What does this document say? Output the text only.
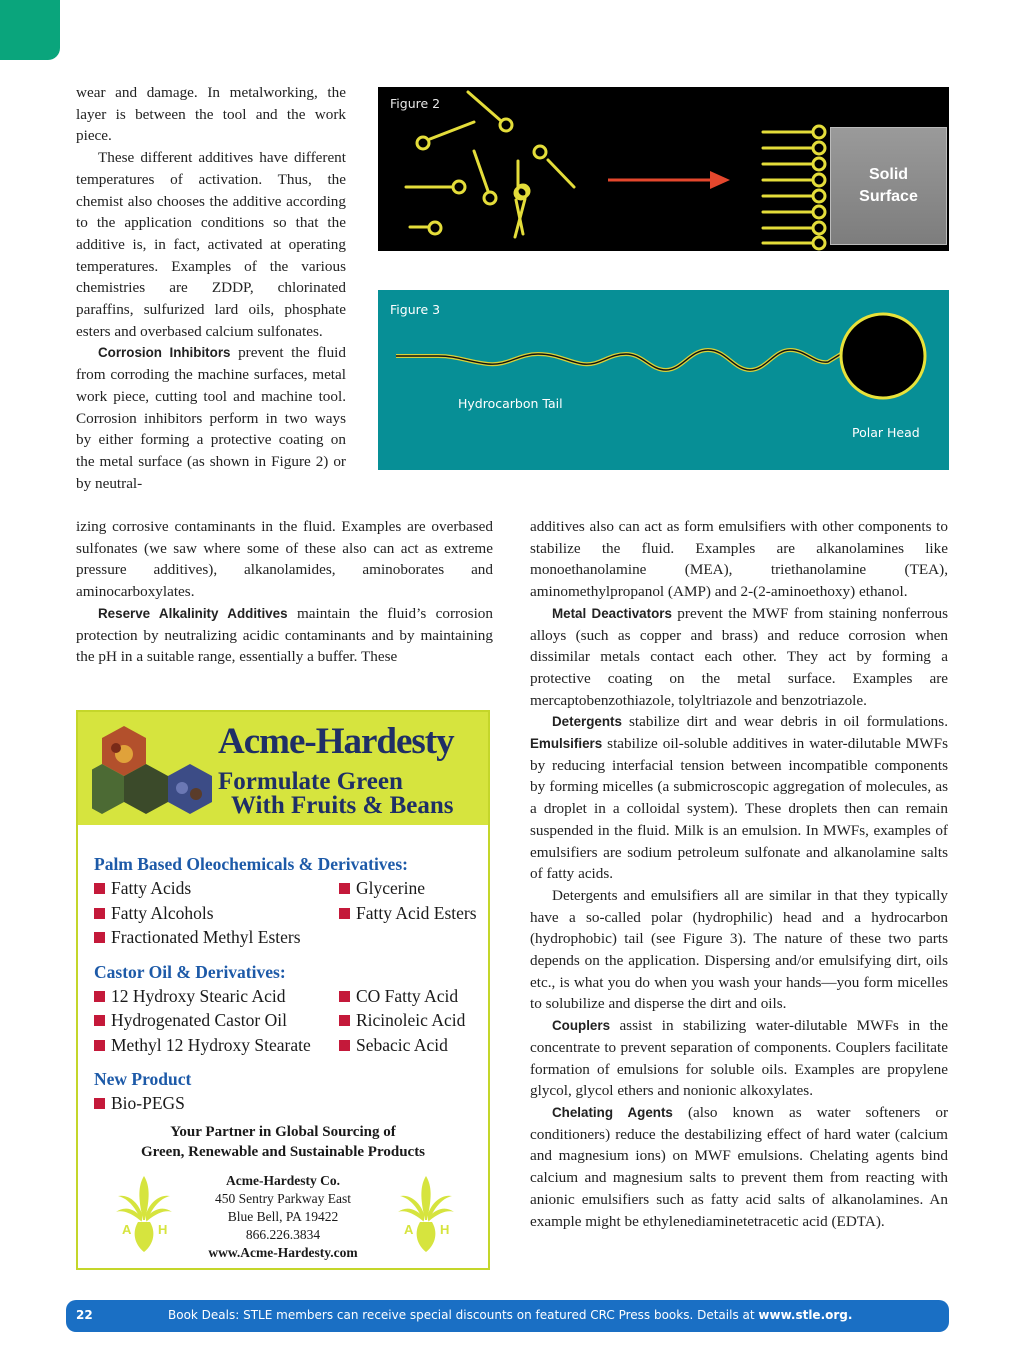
wear and damage. In metalworking, the layer is between the tool and the work piece.

These different additives have different temperatures of activation. Thus, the chemist also chooses the additive according to the application conditions so that the additive is, in fact, activated at operating temperatures. Examples of the various chemistries are ZDDP, chlorinated paraffins, sulfurized lard oils, phosphate esters and overbased calcium sulfonates.

Corrosion Inhibitors prevent the fluid from corroding the machine surfaces, metal work piece, cutting tool and machine tool. Corrosion inhibitors perform in two ways by either forming a protective coating on the metal surface (as shown in Figure 2) or by neutral-

Figure 2
Solid
Surface
Figure 3
Hydrocarbon Tail
Polar Head

izing corrosive contaminants in the fluid. Examples are overbased sulfonates (we saw where some of these also can act as extreme pressure additives), alkanolamides, aminoborates and aminocarboxylates.

Reserve Alkalinity Additives maintain the fluid’s corrosion protection by neutralizing acidic contaminants and by maintaining the pH in a suitable range, essentially a buffer. These

additives also can act as form emulsifiers with other components to stabilize the fluid. Examples are alkanolamines like monoethanolamine (MEA), triethanolamine (TEA), aminomethylpropanol (AMP) and 2-(2-aminoethoxy) ethanol.

Metal Deactivators prevent the MWF from staining nonferrous alloys (such as copper and brass) and reduce corrosion when dissimilar metals contact each other. They act by forming a protective coating on the metal surface. Examples are mercaptobenzothiazole, tolyltriazole and benzotriazole.

Detergents stabilize dirt and wear debris in oil formulations. Emulsifiers stabilize oil-soluble additives in water-dilutable MWFs by reducing interfacial tension between incompatible components by forming micelles (a submicroscopic aggregation of molecules, as a droplet in a colloidal system). These droplets then can remain suspended in the fluid. Milk is an emulsion. In MWFs, examples of emulsifiers are sodium petroleum sulfonate and alkanolamine salts of fatty acids.

Detergents and emulsifiers all are similar in that they typically have a so-called polar (hydrophilic) head and a hydrocarbon (hydrophobic) tail (see Figure 3). The nature of these two parts depends on the application. Dispersing and/or emulsifying dirt, oils etc., is what you do when you wash your hands—you form micelles to solubilize and disperse the dirt and oils.

Couplers assist in stabilizing water-dilutable MWFs in the concentrate to prevent separation of components. Couplers facilitate formation of emulsions for soluble oils. Examples are propylene glycol, glycol ethers and nonionic alkoxylates.

Chelating Agents (also known as water softeners or conditioners) reduce the destabilizing effect of hard water (calcium and magnesium ions) on MWF emulsions. Chelating agents bind calcium and magnesium salts to prevent them from reacting with anionic emulsifiers such as fatty acid salts of alkanolamines. An example might be ethylenediaminetetracetic acid (EDTA).

Acme-Hardesty
Formulate Green
With Fruits & Beans
Palm Based Oleochemicals & Derivatives:
Fatty Acids	Glycerine
Fatty Alcohols	Fatty Acid Esters
Fractionated Methyl Esters
Castor Oil & Derivatives:
12 Hydroxy Stearic Acid	CO Fatty Acid
Hydrogenated Castor Oil	Ricinoleic Acid
Methyl 12 Hydroxy Stearate	Sebacic Acid
New Product
Bio-PEGS
Your Partner in Global Sourcing of
Green, Renewable and Sustainable Products
A H
Acme-Hardesty Co.
450 Sentry Parkway East
Blue Bell, PA 19422
866.226.3834
www.Acme-Hardesty.com
A H
22	Book Deals: STLE members can receive special discounts on featured CRC Press books. Details at www.stle.org.
